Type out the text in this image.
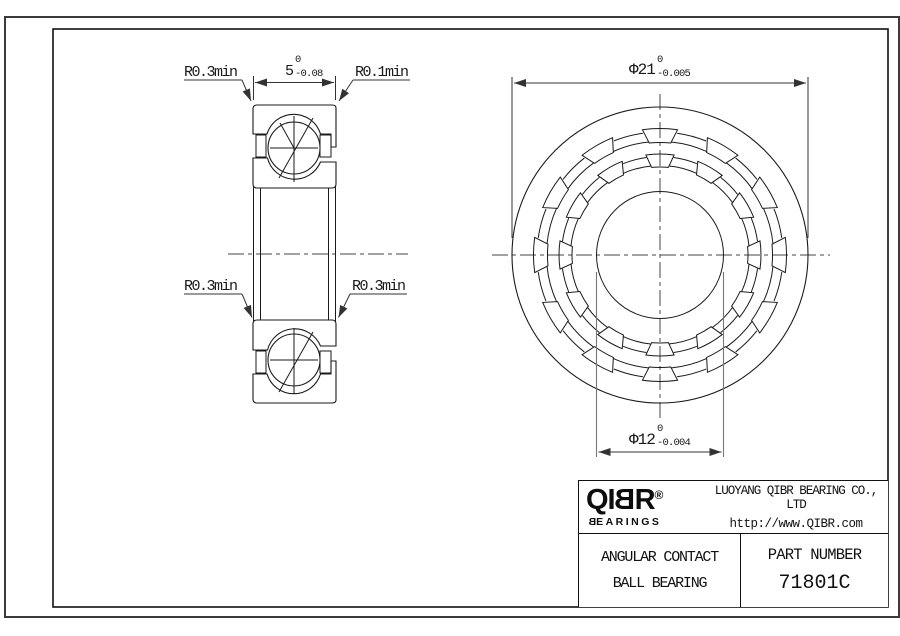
5
0
-0.08
R0.3min	R0.1min
R0.3min	R0.3min
Φ21
0
-0.005
Φ12
0
-0.004
QIBR®
BEARINGS
LUOYANG QIBR BEARING CO., LTD
http://www.QIBR.com
ANGULAR CONTACT
BALL BEARING
PART NUMBER
71801C
